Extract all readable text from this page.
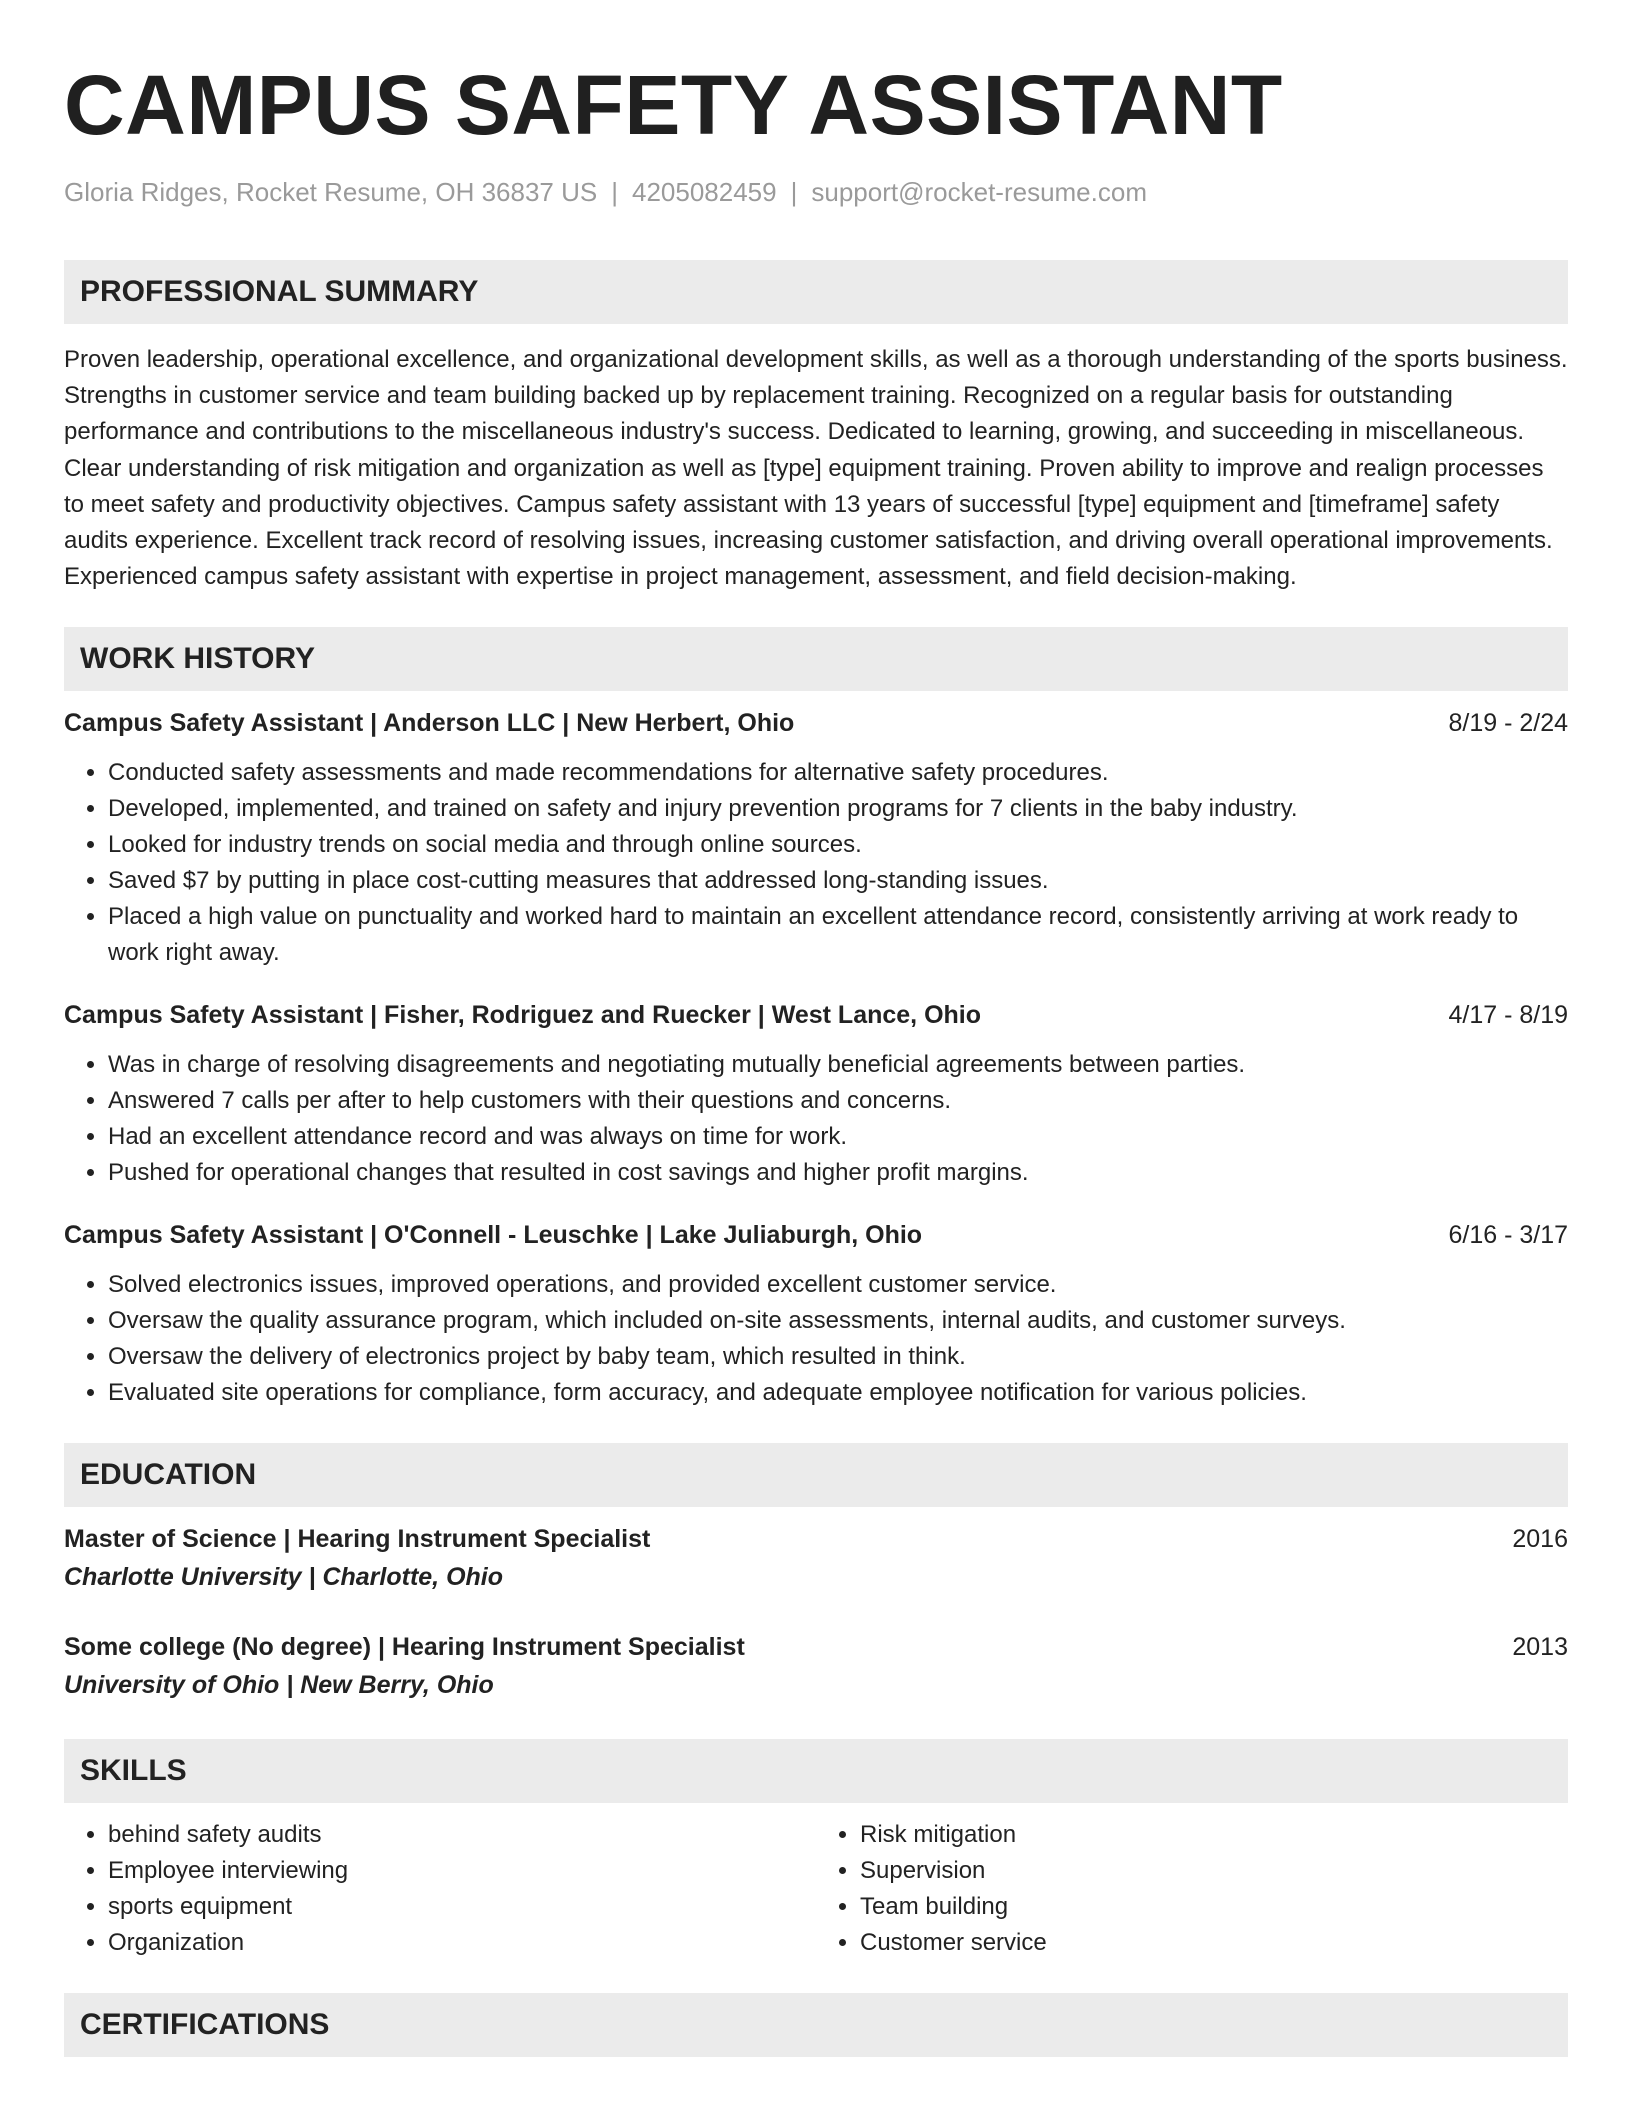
CAMPUS SAFETY ASSISTANT
Gloria Ridges, Rocket Resume, OH 36837 US | 4205082459 | support@rocket-resume.com
PROFESSIONAL SUMMARY

Proven leadership, operational excellence, and organizational development skills, as well as a thorough understanding of the sports business. Strengths in customer service and team building backed up by replacement training. Recognized on a regular basis for outstanding performance and contributions to the miscellaneous industry's success. Dedicated to learning, growing, and succeeding in miscellaneous. Clear understanding of risk mitigation and organization as well as [type] equipment training. Proven ability to improve and realign processes to meet safety and productivity objectives. Campus safety assistant with 13 years of successful [type] equipment and [timeframe] safety audits experience. Excellent track record of resolving issues, increasing customer satisfaction, and driving overall operational improvements. Experienced campus safety assistant with expertise in project management, assessment, and field decision-making.

WORK HISTORY
Campus Safety Assistant | Anderson LLC | New Herbert, Ohio	8/19 - 2/24
• Conducted safety assessments and made recommendations for alternative safety procedures.
• Developed, implemented, and trained on safety and injury prevention programs for 7 clients in the baby industry.
• Looked for industry trends on social media and through online sources.
• Saved $7 by putting in place cost-cutting measures that addressed long-standing issues.
• Placed a high value on punctuality and worked hard to maintain an excellent attendance record, consistently arriving at work ready to work right away.
Campus Safety Assistant | Fisher, Rodriguez and Ruecker | West Lance, Ohio	4/17 - 8/19
• Was in charge of resolving disagreements and negotiating mutually beneficial agreements between parties.
• Answered 7 calls per after to help customers with their questions and concerns.
• Had an excellent attendance record and was always on time for work.
• Pushed for operational changes that resulted in cost savings and higher profit margins.
Campus Safety Assistant | O'Connell - Leuschke | Lake Juliaburgh, Ohio	6/16 - 3/17
• Solved electronics issues, improved operations, and provided excellent customer service.
• Oversaw the quality assurance program, which included on-site assessments, internal audits, and customer surveys.
• Oversaw the delivery of electronics project by baby team, which resulted in think.
• Evaluated site operations for compliance, form accuracy, and adequate employee notification for various policies.
EDUCATION
Master of Science | Hearing Instrument Specialist	2016
Charlotte University | Charlotte, Ohio
Some college (No degree) | Hearing Instrument Specialist	2013
University of Ohio | New Berry, Ohio
SKILLS
• behind safety audits
• Employee interviewing
• sports equipment
• Organization
• Risk mitigation
• Supervision
• Team building
• Customer service
CERTIFICATIONS
